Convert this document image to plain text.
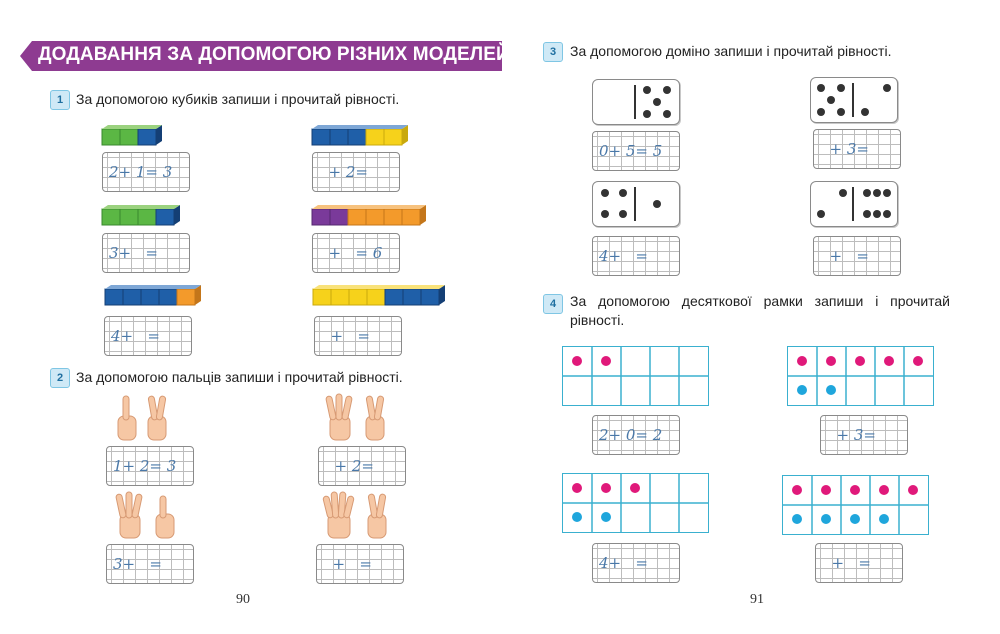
ДОДАВАННЯ ЗА ДОПОМОГОЮ РІЗНИХ МОДЕЛЕЙ
1 За допомогою кубиків запиши і прочитай рівності.
2+ 1= 3	+ 2=
3+   =	+   = 6
4+   =	+   =
2 За допомогою пальців запиши і прочитай рівності.
1+ 2= 3	+ 2=
3+   =	+   =
90
3 За допомогою доміно запиши і прочитай рівності.
0+ 5= 5	+ 3=
4+   =	+   =
4 За допомогою десяткової рамки запиши і прочитай
рівності.
2+ 0= 2	+ 3=
4+   =	+   =
91
